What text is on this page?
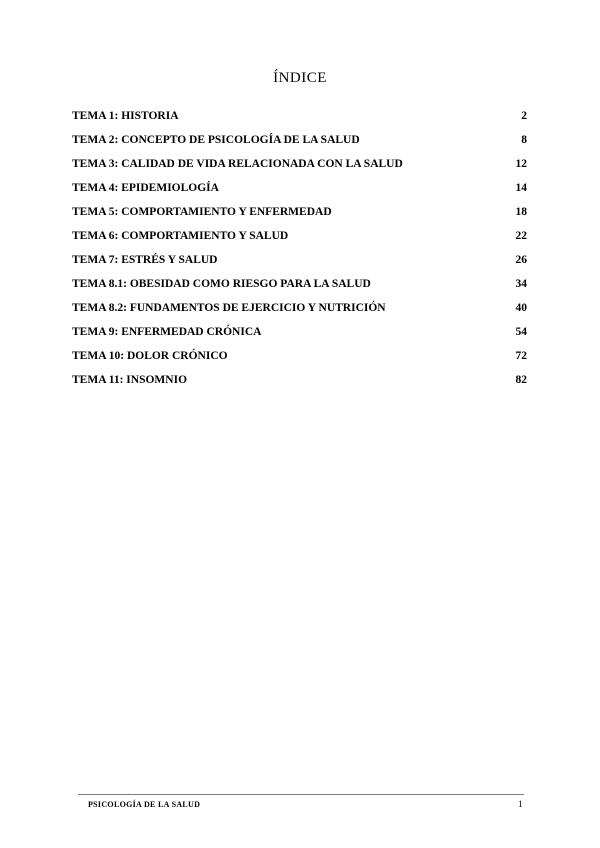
ÍNDICE
TEMA 1: HISTORIA	2
TEMA 2: CONCEPTO DE PSICOLOGÍA DE LA SALUD	8
TEMA 3: CALIDAD DE VIDA RELACIONADA CON LA SALUD	12
TEMA 4: EPIDEMIOLOGÍA	14
TEMA 5: COMPORTAMIENTO Y ENFERMEDAD	18
TEMA 6: COMPORTAMIENTO Y SALUD	22
TEMA 7: ESTRÉS Y SALUD	26
TEMA 8.1: OBESIDAD COMO RIESGO PARA LA SALUD	34
TEMA 8.2: FUNDAMENTOS DE EJERCICIO Y NUTRICIÓN	40
TEMA 9: ENFERMEDAD CRÓNICA	54
TEMA 10: DOLOR CRÓNICO	72
TEMA 11: INSOMNIO	82
PSICOLOGÍA DE LA SALUD	1
